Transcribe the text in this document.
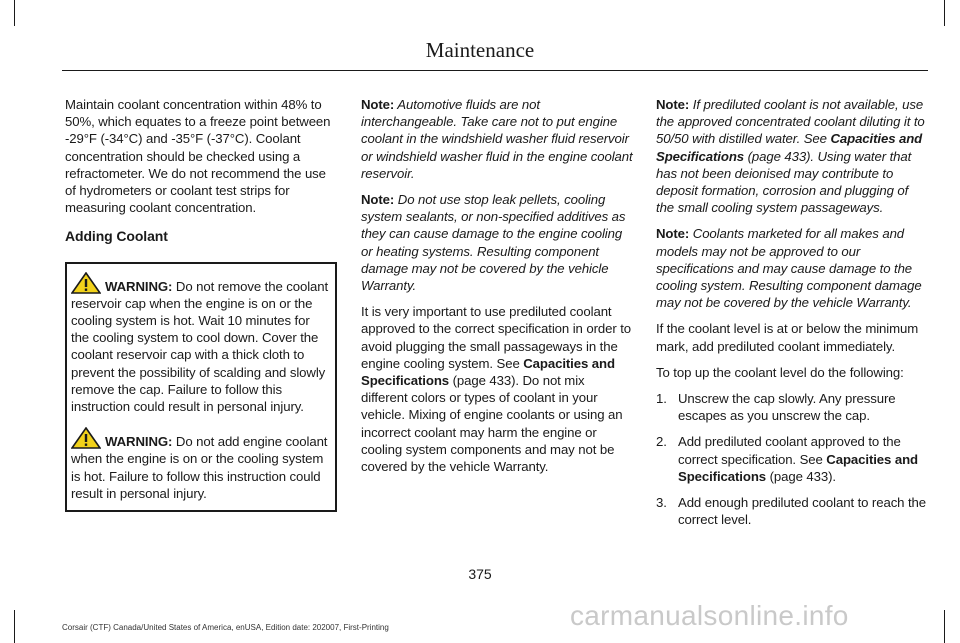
Maintenance

Maintain coolant concentration within 48% to 50%, which equates to a freeze point between -29°F (-34°C) and -35°F (-37°C). Coolant concentration should be checked using a refractometer. We do not recommend the use of hydrometers or coolant test strips for measuring coolant concentration.

Adding Coolant

WARNING: Do not remove the coolant reservoir cap when the engine is on or the cooling system is hot. Wait 10 minutes for the cooling system to cool down. Cover the coolant reservoir cap with a thick cloth to prevent the possibility of scalding and slowly remove the cap. Failure to follow this instruction could result in personal injury.

WARNING: Do not add engine coolant when the engine is on or the cooling system is hot. Failure to follow this instruction could result in personal injury.

Note: Automotive fluids are not interchangeable. Take care not to put engine coolant in the windshield washer fluid reservoir or windshield washer fluid in the engine coolant reservoir.

Note: Do not use stop leak pellets, cooling system sealants, or non-specified additives as they can cause damage to the engine cooling or heating systems. Resulting component damage may not be covered by the vehicle Warranty.

It is very important to use prediluted coolant approved to the correct specification in order to avoid plugging the small passageways in the engine cooling system. See Capacities and Specifications (page 433). Do not mix different colors or types of coolant in your vehicle. Mixing of engine coolants or using an incorrect coolant may harm the engine or cooling system components and may not be covered by the vehicle Warranty.

Note: If prediluted coolant is not available, use the approved concentrated coolant diluting it to 50/50 with distilled water. See Capacities and Specifications (page 433). Using water that has not been deionised may contribute to deposit formation, corrosion and plugging of the small cooling system passageways.

Note: Coolants marketed for all makes and models may not be approved to our specifications and may cause damage to the cooling system. Resulting component damage may not be covered by the vehicle Warranty.

If the coolant level is at or below the minimum mark, add prediluted coolant immediately.

To top up the coolant level do the following:

1. Unscrew the cap slowly. Any pressure escapes as you unscrew the cap.
2. Add prediluted coolant approved to the correct specification. See Capacities and Specifications (page 433).
3. Add enough prediluted coolant to reach the correct level.
375
Corsair (CTF) Canada/United States of America, enUSA, Edition date: 202007, First-Printing	carmanualsonline.info
